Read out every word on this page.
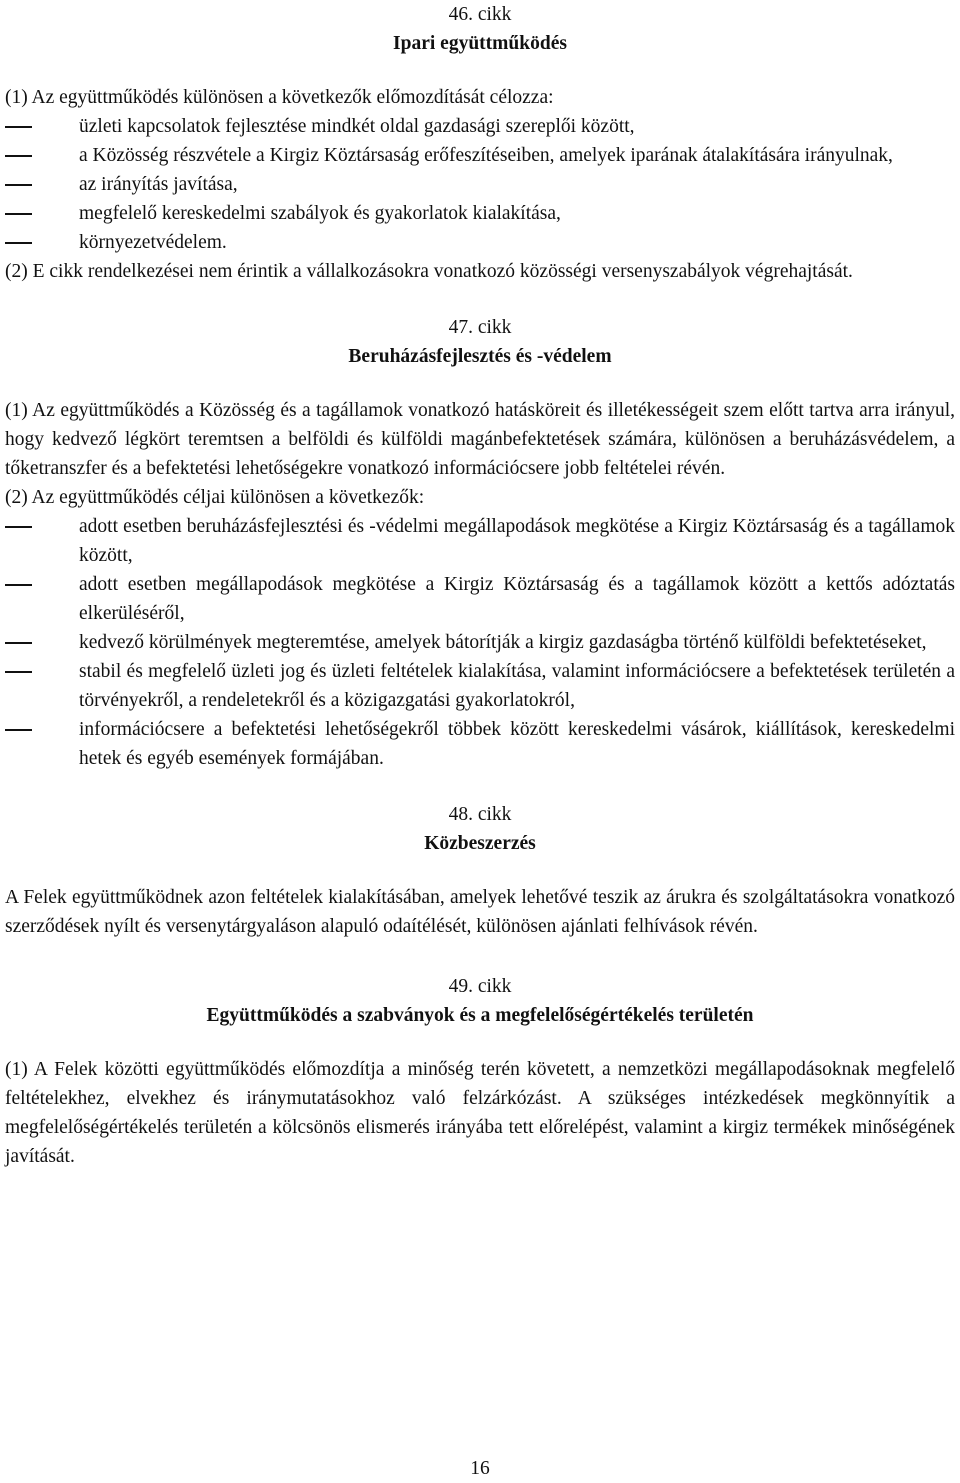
46. cikk
Ipari együttműködés

(1) Az együttműködés különösen a következők előmozdítását célozza:

üzleti kapcsolatok fejlesztése mindkét oldal gazdasági szereplői között,
a Közösség részvétele a Kirgiz Köztársaság erőfeszítéseiben, amelyek iparának átalakítására irányulnak,
az irányítás javítása,
megfelelő kereskedelmi szabályok és gyakorlatok kialakítása,
környezetvédelem.

(2) E cikk rendelkezései nem érintik a vállalkozásokra vonatkozó közösségi versenyszabályok végrehajtását.

47. cikk
Beruházásfejlesztés és -védelem

(1) Az együttműködés a Közösség és a tagállamok vonatkozó hatásköreit és illetékességeit szem előtt tartva arra irányul, hogy kedvező légkört teremtsen a belföldi és külföldi magánbefektetések számára, különösen a beruházásvédelem, a tőketranszfer és a befektetési lehetőségekre vonatkozó információcsere jobb feltételei révén.

(2) Az együttműködés céljai különösen a következők:

adott esetben beruházásfejlesztési és -védelmi megállapodások megkötése a Kirgiz Köztársaság és a tagállamok között,
adott esetben megállapodások megkötése a Kirgiz Köztársaság és a tagállamok között a kettős adóztatás elkerüléséről,
kedvező körülmények megteremtése, amelyek bátorítják a kirgiz gazdaságba történő külföldi befektetéseket,
stabil és megfelelő üzleti jog és üzleti feltételek kialakítása, valamint információcsere a befektetések területén a törvényekről, a rendeletekről és a közigazgatási gyakorlatokról,
információcsere a befektetési lehetőségekről többek között kereskedelmi vásárok, kiállítások, kereskedelmi hetek és egyéb események formájában.
48. cikk
Közbeszerzés

A Felek együttműködnek azon feltételek kialakításában, amelyek lehetővé teszik az árukra és szolgáltatásokra vonatkozó szerződések nyílt és versenytárgyaláson alapuló odaítélését, különösen ajánlati felhívások révén.

49. cikk
Együttműködés a szabványok és a megfelelőségértékelés területén

(1) A Felek közötti együttműködés előmozdítja a minőség terén követett, a nemzetközi megállapodásoknak megfelelő feltételekhez, elvekhez és iránymutatásokhoz való felzárkózást. A szükséges intézkedések megkönnyítik a megfelelőségértékelés területén a kölcsönös elismerés irányába tett előrelépést, valamint a kirgiz termékek minőségének javítását.

16
